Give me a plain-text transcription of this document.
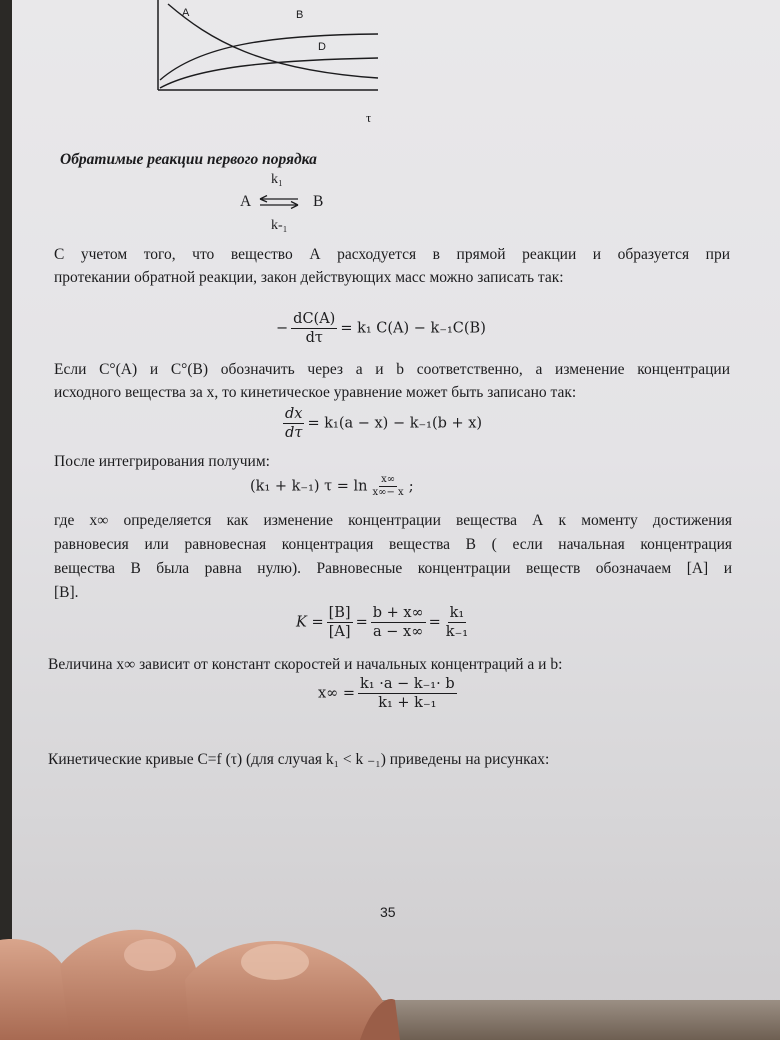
A	B
D
τ
Обратимые реакции первого порядка
k₁
A ⇌ B
k-₁
С учетом того, что вещество А расходуется в прямой реакции и образуется при
протекании обратной реакции, закон действующих масс можно записать так:
− $\frac{dC(A)}{d\tau} = k_1$ C(A) − k₋₁C(B)
Если С°(А) и С°(В) обозначить через a и b соответственно, а изменение концентрации
исходного вещества за x, то кинетическое уравнение может быть записано так:
$\frac{dx}{d\tau} = k_1(a - x) - k_{-1}(b + x)$
После интегрирования получим:
(k₁ + k₋₁) $\tau = \ln \frac{x\infty}{x\infty- x}$ ;
где x∞ определяется как изменение концентрации вещества А к моменту достижения
равновесия или равновесная концентрация вещества В ( если начальная концентрация
вещества В была равна нулю). Равновесные концентрации веществ обозначаем [A] и
[B].
$K = \frac{[B]}{[A]} = \frac{b + x\infty}{a - x\infty} = \frac{\text{k₁}}{\text{k₋₁}}$
Величина x∞ зависит от констант скоростей и начальных концентраций a и b:
$x\infty = \frac{\text{k₁ ·a − k₋₁· b}}{\text{k₁ + k₋₁}}$
Кинетические кривые C=f (τ) (для случая k₁ < k ₋₁) приведены на рисунках:
35
